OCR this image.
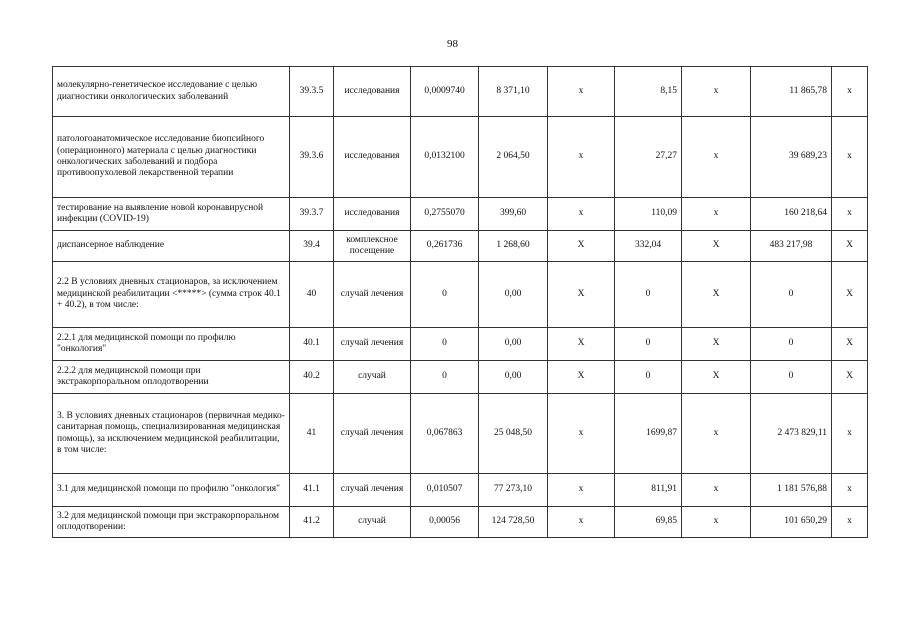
98
молекулярно-генетическое исследование с целью диагностики онкологических заболеваний	39.3.5	исследования	0,0009740	8 371,10	х	8,15	х	11 865,78	х
патологоанатомическое исследование биопсийного (операционного) материала с целью диагностики онкологических заболеваний и подбора противоопухолевой лекарственной терапии	39.3.6	исследования	0,0132100	2 064,50	х	27,27	х	39 689,23	х
тестирование на выявление новой коронавирусной инфекции (COVID-19)	39.3.7	исследования	0,2755070	399,60	х	110,09	х	160 218,64	х
диспансерное наблюдение	39.4	комплексное посещение	0,261736	1 268,60	X	332,04	X	483 217,98	X
2.2 В условиях дневных стационаров, за исключением медицинской реабилитации <*****> (сумма строк 40.1 + 40.2), в том числе:	40	случай лечения	0	0,00	X	0	X	0	X
2.2.1 для медицинской помощи по профилю "онкология"	40.1	случай лечения	0	0,00	X	0	X	0	X
2.2.2 для медицинской помощи при экстракорпоральном оплодотворении	40.2	случай	0	0,00	X	0	X	0	X
3. В условиях дневных стационаров (первичная медико-санитарная помощь, специализированная медицинская помощь), за исключением медицинской реабилитации, в том числе:	41	случай лечения	0,067863	25 048,50	х	1699,87	х	2 473 829,11	х
3.1 для медицинской помощи по профилю "онкология"	41.1	случай лечения	0,010507	77 273,10	х	811,91	х	1 181 576,88	х
3.2 для медицинской помощи при экстракорпоральном оплодотворении:	41.2	случай	0,00056	124 728,50	х	69,85	х	101 650,29	х
